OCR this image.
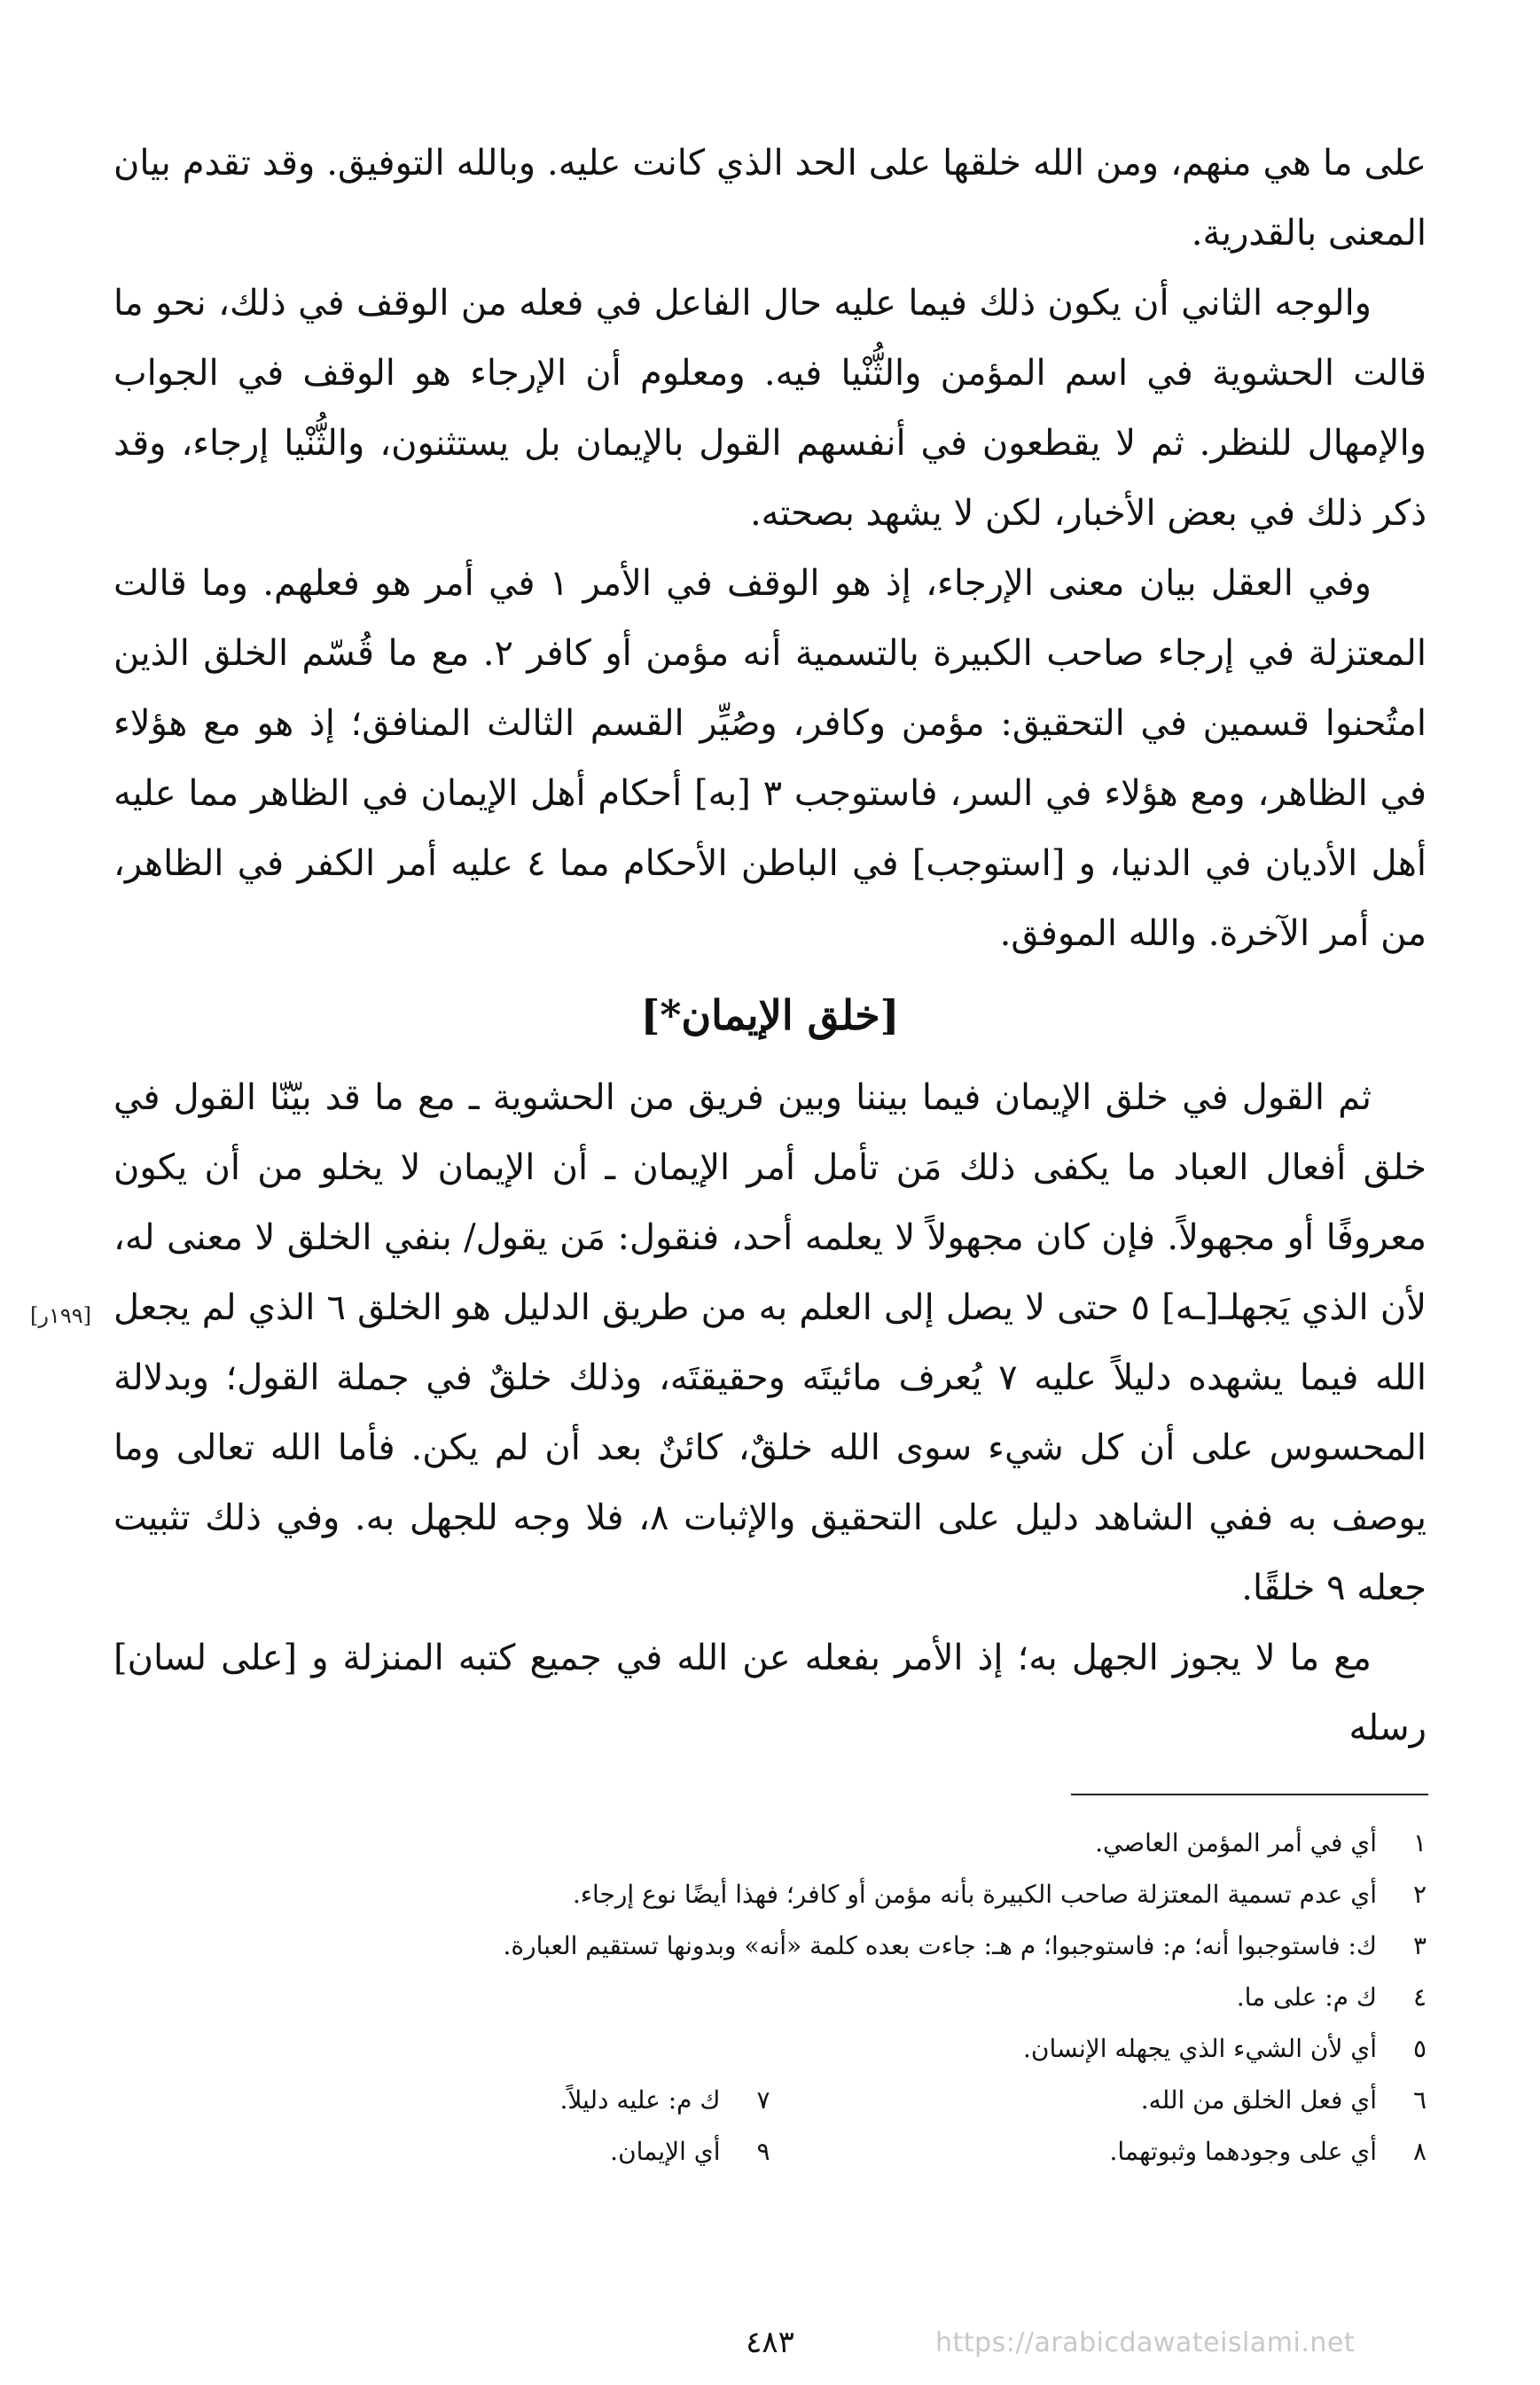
على ما هي منهم، ومن الله خلقها على الحد الذي كانت عليه. وبالله التوفيق. وقد تقدم بيان المعنى بالقدرية.

والوجه الثاني أن يكون ذلك فيما عليه حال الفاعل في فعله من الوقف في ذلك، نحو ما قالت الحشوية في اسم المؤمن والثُّنْيا فيه. ومعلوم أن الإرجاء هو الوقف في الجواب والإمهال للنظر. ثم لا يقطعون في أنفسهم القول بالإيمان بل يستثنون، والثُّنْيا إرجاء، وقد ذكر ذلك في بعض الأخبار، لكن لا يشهد بصحته.

وفي العقل بيان معنى الإرجاء، إذ هو الوقف في الأمر ١ في أمر هو فعلهم. وما قالت المعتزلة في إرجاء صاحب الكبيرة بالتسمية أنه مؤمن أو كافر ٢. مع ما قُسّم الخلق الذين امتُحنوا قسمين في التحقيق: مؤمن وكافر، وصُيِّر القسم الثالث المنافق؛ إذ هو مع هؤلاء في الظاهر، ومع هؤلاء في السر، فاستوجب ٣ [به] أحكام أهل الإيمان في الظاهر مما عليه أهل الأديان في الدنيا، و [استوجب] في الباطن الأحكام مما ٤ عليه أمر الكفر في الظاهر، من أمر الآخرة. والله الموفق.

[خلق الإيمان*]

ثم القول في خلق الإيمان فيما بيننا وبين فريق من الحشوية ـ مع ما قد بيّنّا القول في خلق أفعال العباد ما يكفى ذلك مَن تأمل أمر الإيمان ـ أن الإيمان لا يخلو من أن يكون معروفًا أو مجهولاً. فإن كان مجهولاً لا يعلمه أحد، فنقول: مَن يقول/ بنفي الخلق لا معنى له، لأن الذي يَجهلـ[ـه] ٥ حتى لا يصل إلى العلم به من طريق الدليل هو الخلق ٦ الذي لم يجعل الله فيما يشهده دليلاً عليه ٧ يُعرف مائيتَه وحقيقتَه، وذلك خلقٌ في جملة القول؛ وبدلالة المحسوس على أن كل شيء سوى الله خلقٌ، كائنٌ بعد أن لم يكن. فأما الله تعالى وما يوصف به ففي الشاهد دليل على التحقيق والإثبات ٨، فلا وجه للجهل به. وفي ذلك تثبيت جعله ٩ خلقًا.

مع ما لا يجوز الجهل به؛ إذ الأمر بفعله عن الله في جميع كتبه المنزلة و [على لسان] رسله

[١٩٩ر]
١
أي في أمر المؤمن العاصي.
٢
أي عدم تسمية المعتزلة صاحب الكبيرة بأنه مؤمن أو كافر؛ فهذا أيضًا نوع إرجاء.
٣
ك: فاستوجبوا أنه؛ م: فاستوجبوا؛ م هـ: جاءت بعده كلمة «أنه» وبدونها تستقيم العبارة.
٤
ك م: على ما.
٥
أي لأن الشيء الذي يجهله الإنسان.
٦
أي فعل الخلق من الله.
٧
ك م: عليه دليلاً.
٨
أي على وجودهما وثبوتهما.
٩
أي الإيمان.
٤٨٣	https://arabicdawateislami.net
